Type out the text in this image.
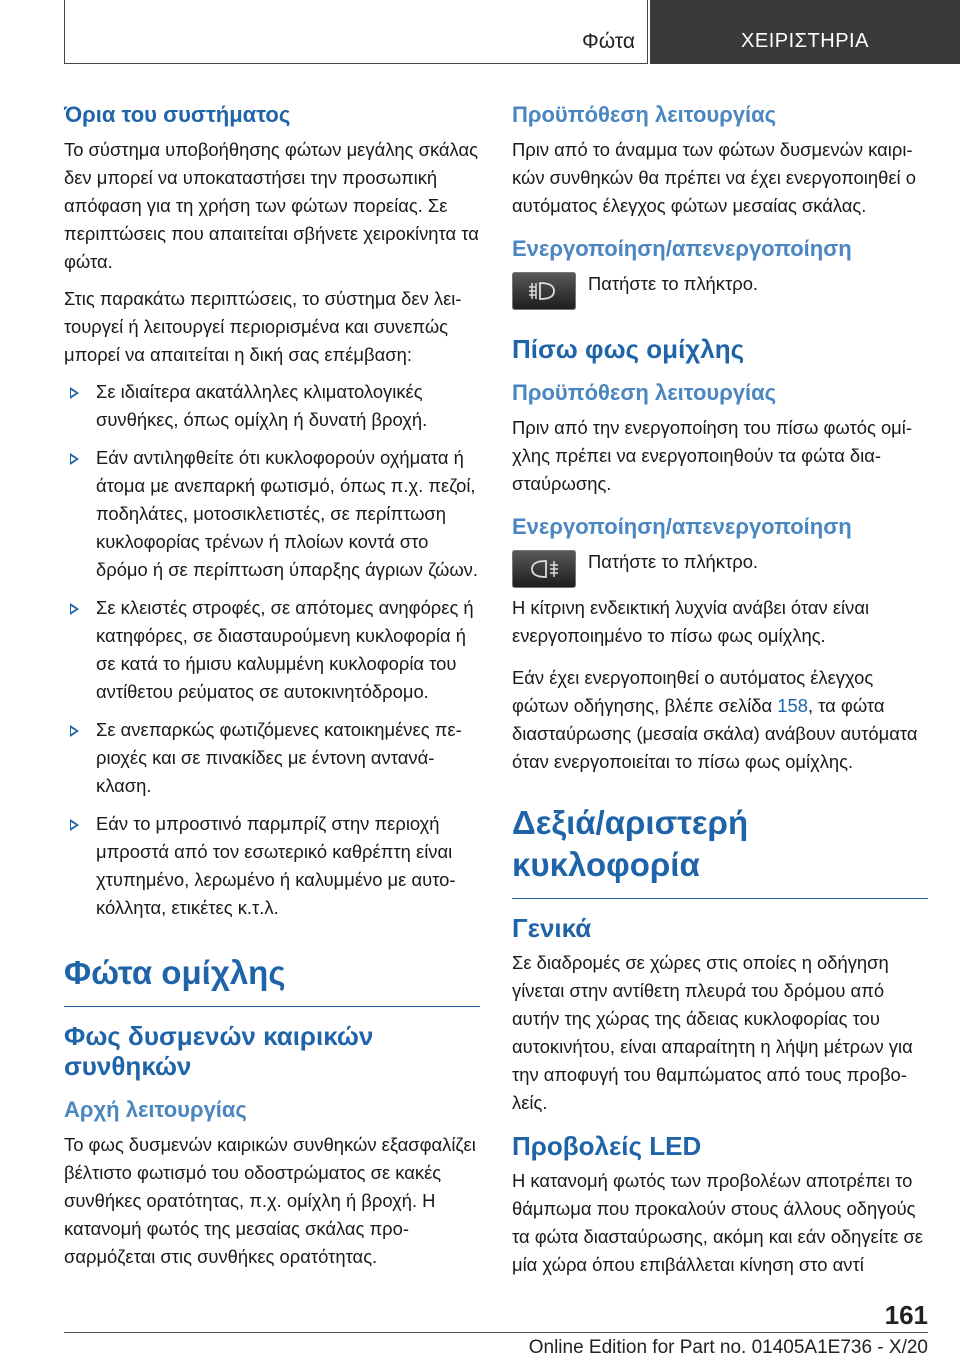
Φώτα	ΧΕΙΡΙΣΤΗΡΙΑ
Όρια του συστήματος

Το σύστημα υποβοήθησης φώτων μεγάλης σκάλας δεν μπορεί να υποκαταστήσει την προσωπική απόφαση για τη χρήση των φώτων πορείας. Σε περιπτώσεις που απαιτείται σβήνετε χειροκίνητα τα φώτα.

Στις παρακάτω περιπτώσεις, το σύστημα δεν λειτουργεί ή λειτουργεί περιορισμένα και συνεπώς μπορεί να απαιτείται η δική σας επέμβαση:

Σε ιδιαίτερα ακατάλληλες κλιματολογικές συνθήκες, όπως ομίχλη ή δυνατή βροχή.
Εάν αντιληφθείτε ότι κυκλοφορούν οχήματα ή άτομα με ανεπαρκή φωτισμό, όπως π.χ. πεζοί, ποδηλάτες, μοτοσικλετιστές, σε περίπτωση κυκλοφορίας τρένων ή πλοίων κοντά στο δρόμο ή σε περίπτωση ύπαρξης άγριων ζώων.
Σε κλειστές στροφές, σε απότομες ανηφόρες ή κατηφόρες, σε διασταυρούμενη κυκλοφορία ή σε κατά το ήμισυ καλυμμένη κυκλοφορία του αντίθετου ρεύματος σε αυτοκινητόδρομο.
Σε ανεπαρκώς φωτιζόμενες κατοικημένες περιοχές και σε πινακίδες με έντονη αντανάκλαση.
Εάν το μπροστινό παρμπρίζ στην περιοχή μπροστά από τον εσωτερικό καθρέπτη είναι χτυπημένο, λερωμένο ή καλυμμένο με αυτοκόλλητα, ετικέτες κ.τ.λ.
Φώτα ομίχλης
Φως δυσμενών καιρικών συνθηκών
Αρχή λειτουργίας

Το φως δυσμενών καιρικών συνθηκών εξασφαλίζει βέλτιστο φωτισμό του οδοστρώματος σε κακές συνθήκες ορατότητας, π.χ. ομίχλη ή βροχή. Η κατανομή φωτός της μεσαίας σκάλας προσαρμόζεται στις συνθήκες ορατότητας.

Προϋπόθεση λειτουργίας

Πριν από το άναμμα των φώτων δυσμενών καιρικών συνθηκών θα πρέπει να έχει ενεργοποιηθεί ο αυτόματος έλεγχος φώτων μεσαίας σκάλας.

Ενεργοποίηση/απενεργοποίηση

Πατήστε το πλήκτρο.

Πίσω φως ομίχλης
Προϋπόθεση λειτουργίας

Πριν από την ενεργοποίηση του πίσω φωτός ομίχλης πρέπει να ενεργοποιηθούν τα φώτα διασταύρωσης.

Ενεργοποίηση/απενεργοποίηση

Πατήστε το πλήκτρο.

Η κίτρινη ενδεικτική λυχνία ανάβει όταν είναι ενεργοποιημένο το πίσω φως ομίχλης.

Εάν έχει ενεργοποιηθεί ο αυτόματος έλεγχος φώτων οδήγησης, βλέπε σελίδα 158, τα φώτα διασταύρωσης (μεσαία σκάλα) ανάβουν αυτόματα όταν ενεργοποιείται το πίσω φως ομίχλης.

Δεξιά/αριστερή κυκλοφορία
Γενικά

Σε διαδρομές σε χώρες στις οποίες η οδήγηση γίνεται στην αντίθετη πλευρά του δρόμου από αυτήν της χώρας της άδειας κυκλοφορίας του αυτοκινήτου, είναι απαραίτητη η λήψη μέτρων για την αποφυγή του θαμπώματος από τους προβολείς.

Προβολείς LED

Η κατανομή φωτός των προβολέων αποτρέπει το θάμπωμα που προκαλούν στους άλλους οδηγούς τα φώτα διασταύρωσης, ακόμη και εάν οδηγείτε σε μία χώρα όπου επιβάλλεται κίνηση στο αντί

161
Online Edition for Part no. 01405A1E736 - X/20
